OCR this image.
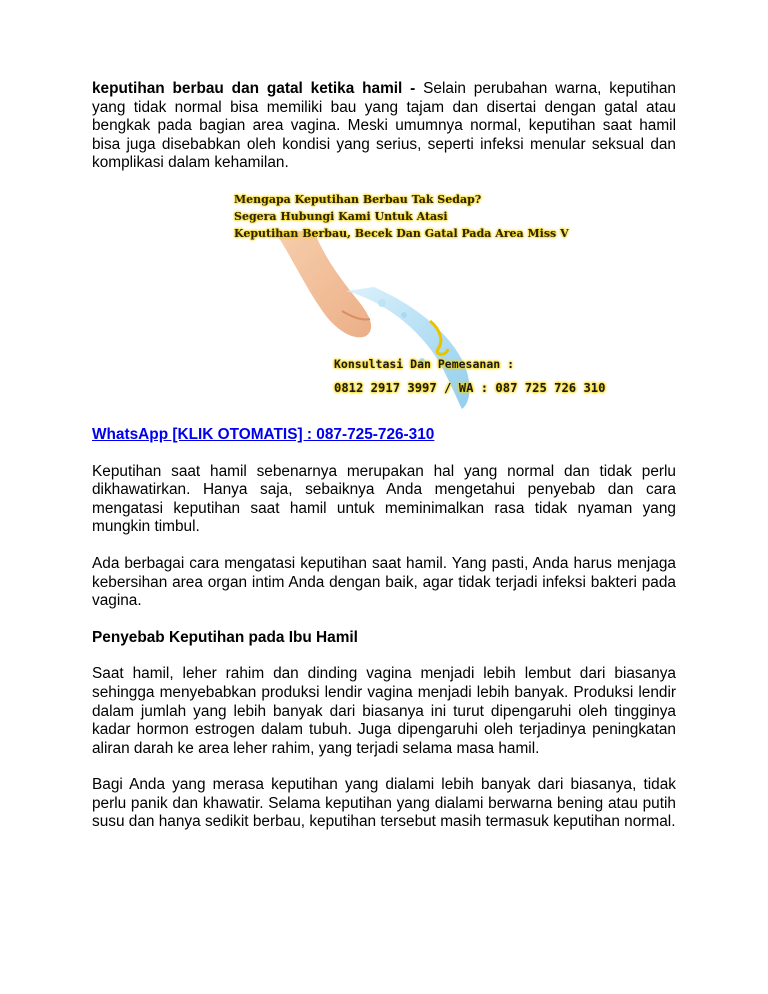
keputihan berbau dan gatal ketika hamil - Selain perubahan warna, keputihan yang tidak normal bisa memiliki bau yang tajam dan disertai dengan gatal atau bengkak pada bagian area vagina. Meski umumnya normal, keputihan saat hamil bisa juga disebabkan oleh kondisi yang serius, seperti infeksi menular seksual dan komplikasi dalam kehamilan.

Mengapa Keputihan Berbau Tak Sedap?
Segera Hubungi Kami Untuk Atasi
Keputihan Berbau, Becek Dan Gatal Pada Area Miss V
Konsultasi Dan Pemesanan :
0812 2917 3997 / WA : 087 725 726 310
WhatsApp [KLIK OTOMATIS] : 087-725-726-310

Keputihan saat hamil sebenarnya merupakan hal yang normal dan tidak perlu dikhawatirkan. Hanya saja, sebaiknya Anda mengetahui penyebab dan cara mengatasi keputihan saat hamil untuk meminimalkan rasa tidak nyaman yang mungkin timbul.

Ada berbagai cara mengatasi keputihan saat hamil. Yang pasti, Anda harus menjaga kebersihan area organ intim Anda dengan baik, agar tidak terjadi infeksi bakteri pada vagina.

Penyebab Keputihan pada Ibu Hamil

Saat hamil, leher rahim dan dinding vagina menjadi lebih lembut dari biasanya sehingga menyebabkan produksi lendir vagina menjadi lebih banyak. Produksi lendir dalam jumlah yang lebih banyak dari biasanya ini turut dipengaruhi oleh tingginya kadar hormon estrogen dalam tubuh. Juga dipengaruhi oleh terjadinya peningkatan aliran darah ke area leher rahim, yang terjadi selama masa hamil.

Bagi Anda yang merasa keputihan yang dialami lebih banyak dari biasanya, tidak perlu panik dan khawatir. Selama keputihan yang dialami berwarna bening atau putih susu dan hanya sedikit berbau, keputihan tersebut masih termasuk keputihan normal.
